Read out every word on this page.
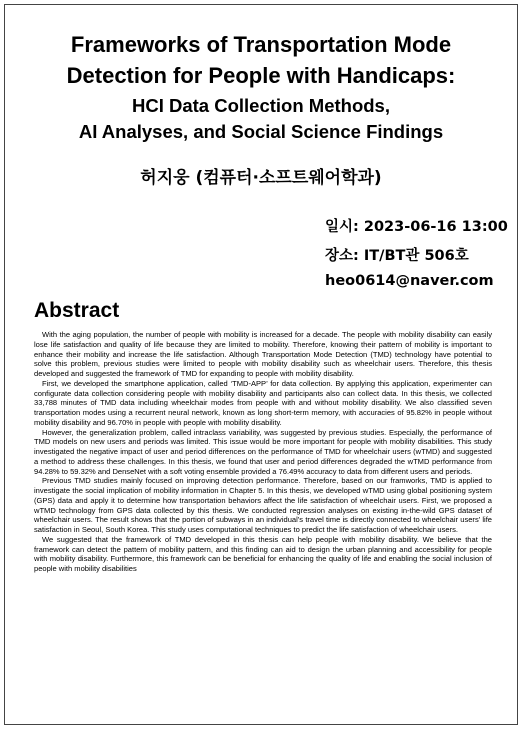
Frameworks of Transportation Mode
Detection for People with Handicaps:
HCI Data Collection Methods,
AI Analyses, and Social Science Findings
허지웅 (컴퓨터·소프트웨어학과)
일시: 2023-06-16 13:00
장소: IT/BT관 506호
heo0614@naver.com
Abstract

With the aging population, the number of people with mobility is increased for a decade. The people with mobility disability can easily lose life satisfaction and quality of life because they are limited to mobility. Therefore, knowing their pattern of mobility is important to enhance their mobility and increase the life satisfaction. Although Transportation Mode Detection (TMD) technology have potential to solve this problem, previous studies were limited to people with mobility disability such as wheelchair users. Therefore, this thesis developed and suggested the framework of TMD for expanding to people with mobility disability.

First, we developed the smartphone application, called ‘TMD-APP’ for data collection. By applying this application, experimenter can configurate data collection considering people with mobility disability and participants also can collect data. In this thesis, we collected 33,788 minutes of TMD data including wheelchair modes from people with and without mobility disability. We also classified seven transportation modes using a recurrent neural network, known as long short-term memory, with accuracies of 95.82% in people without mobility disability and 96.70% in people with people with mobility disability.

However, the generalization problem, called intraclass variability, was suggested by previous studies. Especially, the performance of TMD models on new users and periods was limited. This issue would be more important for people with mobility disabilities. This study investigated the negative impact of user and period differences on the performance of TMD for wheelchair users (wTMD) and suggested a method to address these challenges. In this thesis, we found that user and period differences degraded the wTMD performance from 94.28% to 59.32% and DenseNet with a soft voting ensemble provided a 76.49% accuracy to data from different users and periods.

Previous TMD studies mainly focused on improving detection performance. Therefore, based on our framworks, TMD is applied to investigate the social implication of mobility information in Chapter 5. In this thesis, we developed wTMD using global positioning system (GPS) data and apply it to determine how transportation behaviors affect the life satisfaction of wheelchair users. First, we proposed a wTMD technology from GPS data collected by this thesis. We conducted regression analyses on existing in-the-wild GPS dataset of wheelchair users. The result shows that the portion of subways in an individual’s travel time is directly connected to wheelchair users’ life satisfaction in Seoul, South Korea. This study uses computational techniques to predict the life satisfaction of wheelchair users.

We suggested that the framework of TMD developed in this thesis can help people with mobility disability. We believe that the framework can detect the pattern of mobility pattern, and this finding can aid to design the urban planning and accessibility for people with mobility disability. Furthermore, this framework can be beneficial for enhancing the quality of life and enabling the social inclusion of people with mobility disabilities
